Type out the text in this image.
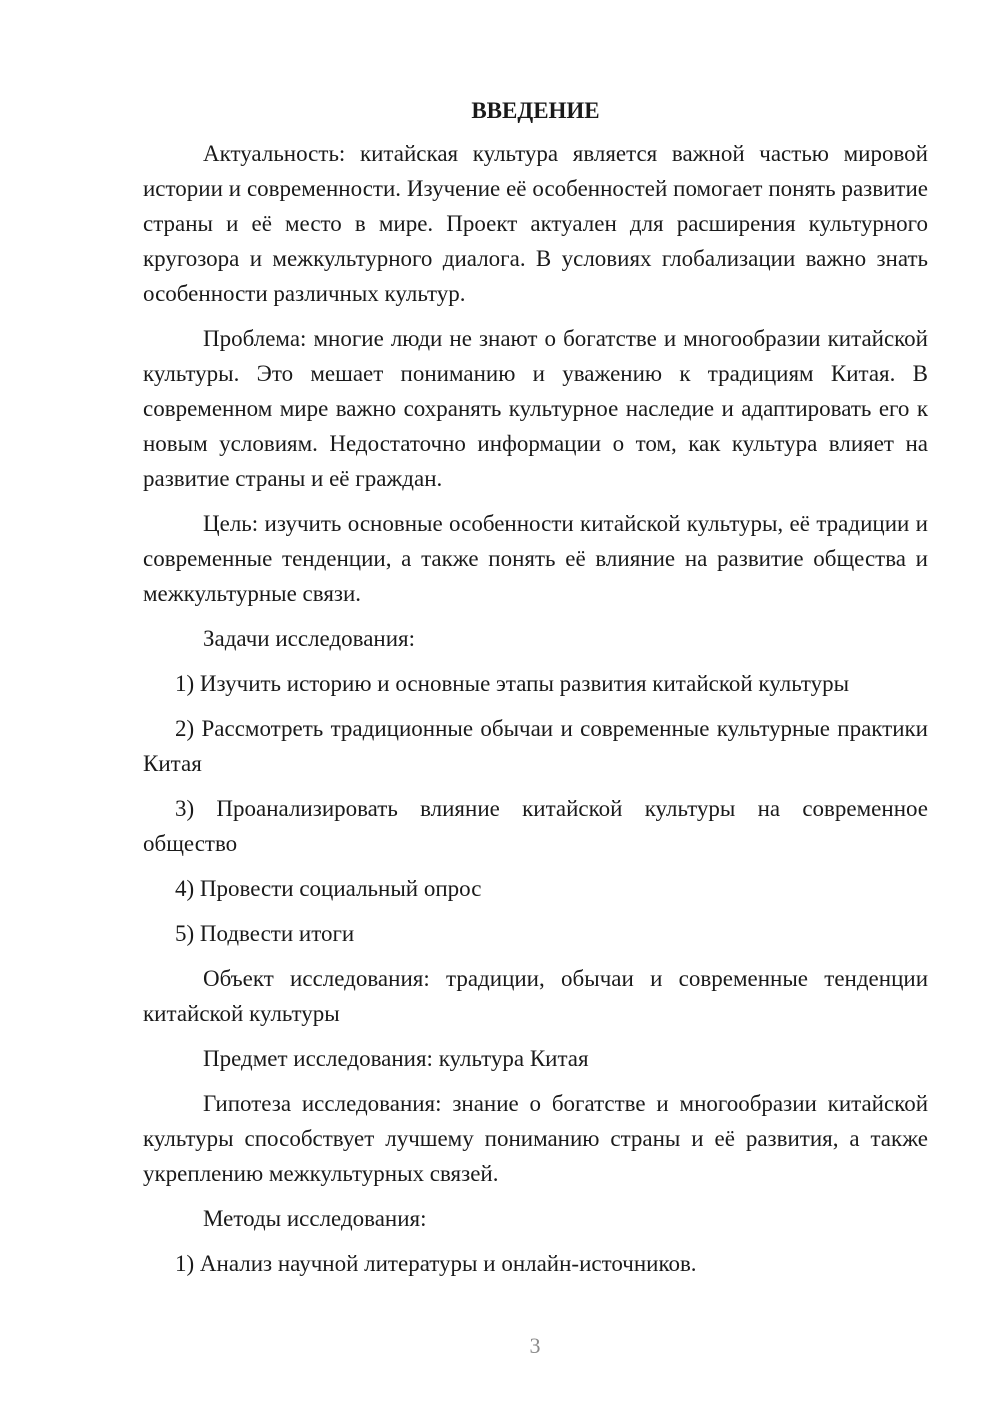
ВВЕДЕНИЕ

Актуальность: китайская культура является важной частью мировой истории и современности. Изучение её особенностей помогает понять развитие страны и её место в мире. Проект актуален для расширения культурного кругозора и межкультурного диалога. В условиях глобализации важно знать особенности различных культур.

Проблема: многие люди не знают о богатстве и многообразии китайской культуры. Это мешает пониманию и уважению к традициям Китая. В современном мире важно сохранять культурное наследие и адаптировать его к новым условиям. Недостаточно информации о том, как культура влияет на развитие страны и её граждан.

Цель: изучить основные особенности китайской культуры, её традиции и современные тенденции, а также понять её влияние на развитие общества и межкультурные связи.

Задачи исследования:

1) Изучить историю и основные этапы развития китайской культуры

2) Рассмотреть традиционные обычаи и современные культурные практики Китая

3) Проанализировать влияние китайской культуры на современное общество

4) Провести социальный опрос

5) Подвести итоги

Объект исследования: традиции, обычаи и современные тенденции китайской культуры

Предмет исследования: культура Китая

Гипотеза исследования: знание о богатстве и многообразии китайской культуры способствует лучшему пониманию страны и её развития, а также укреплению межкультурных связей.

Методы исследования:

1) Анализ научной литературы и онлайн-источников.

3
